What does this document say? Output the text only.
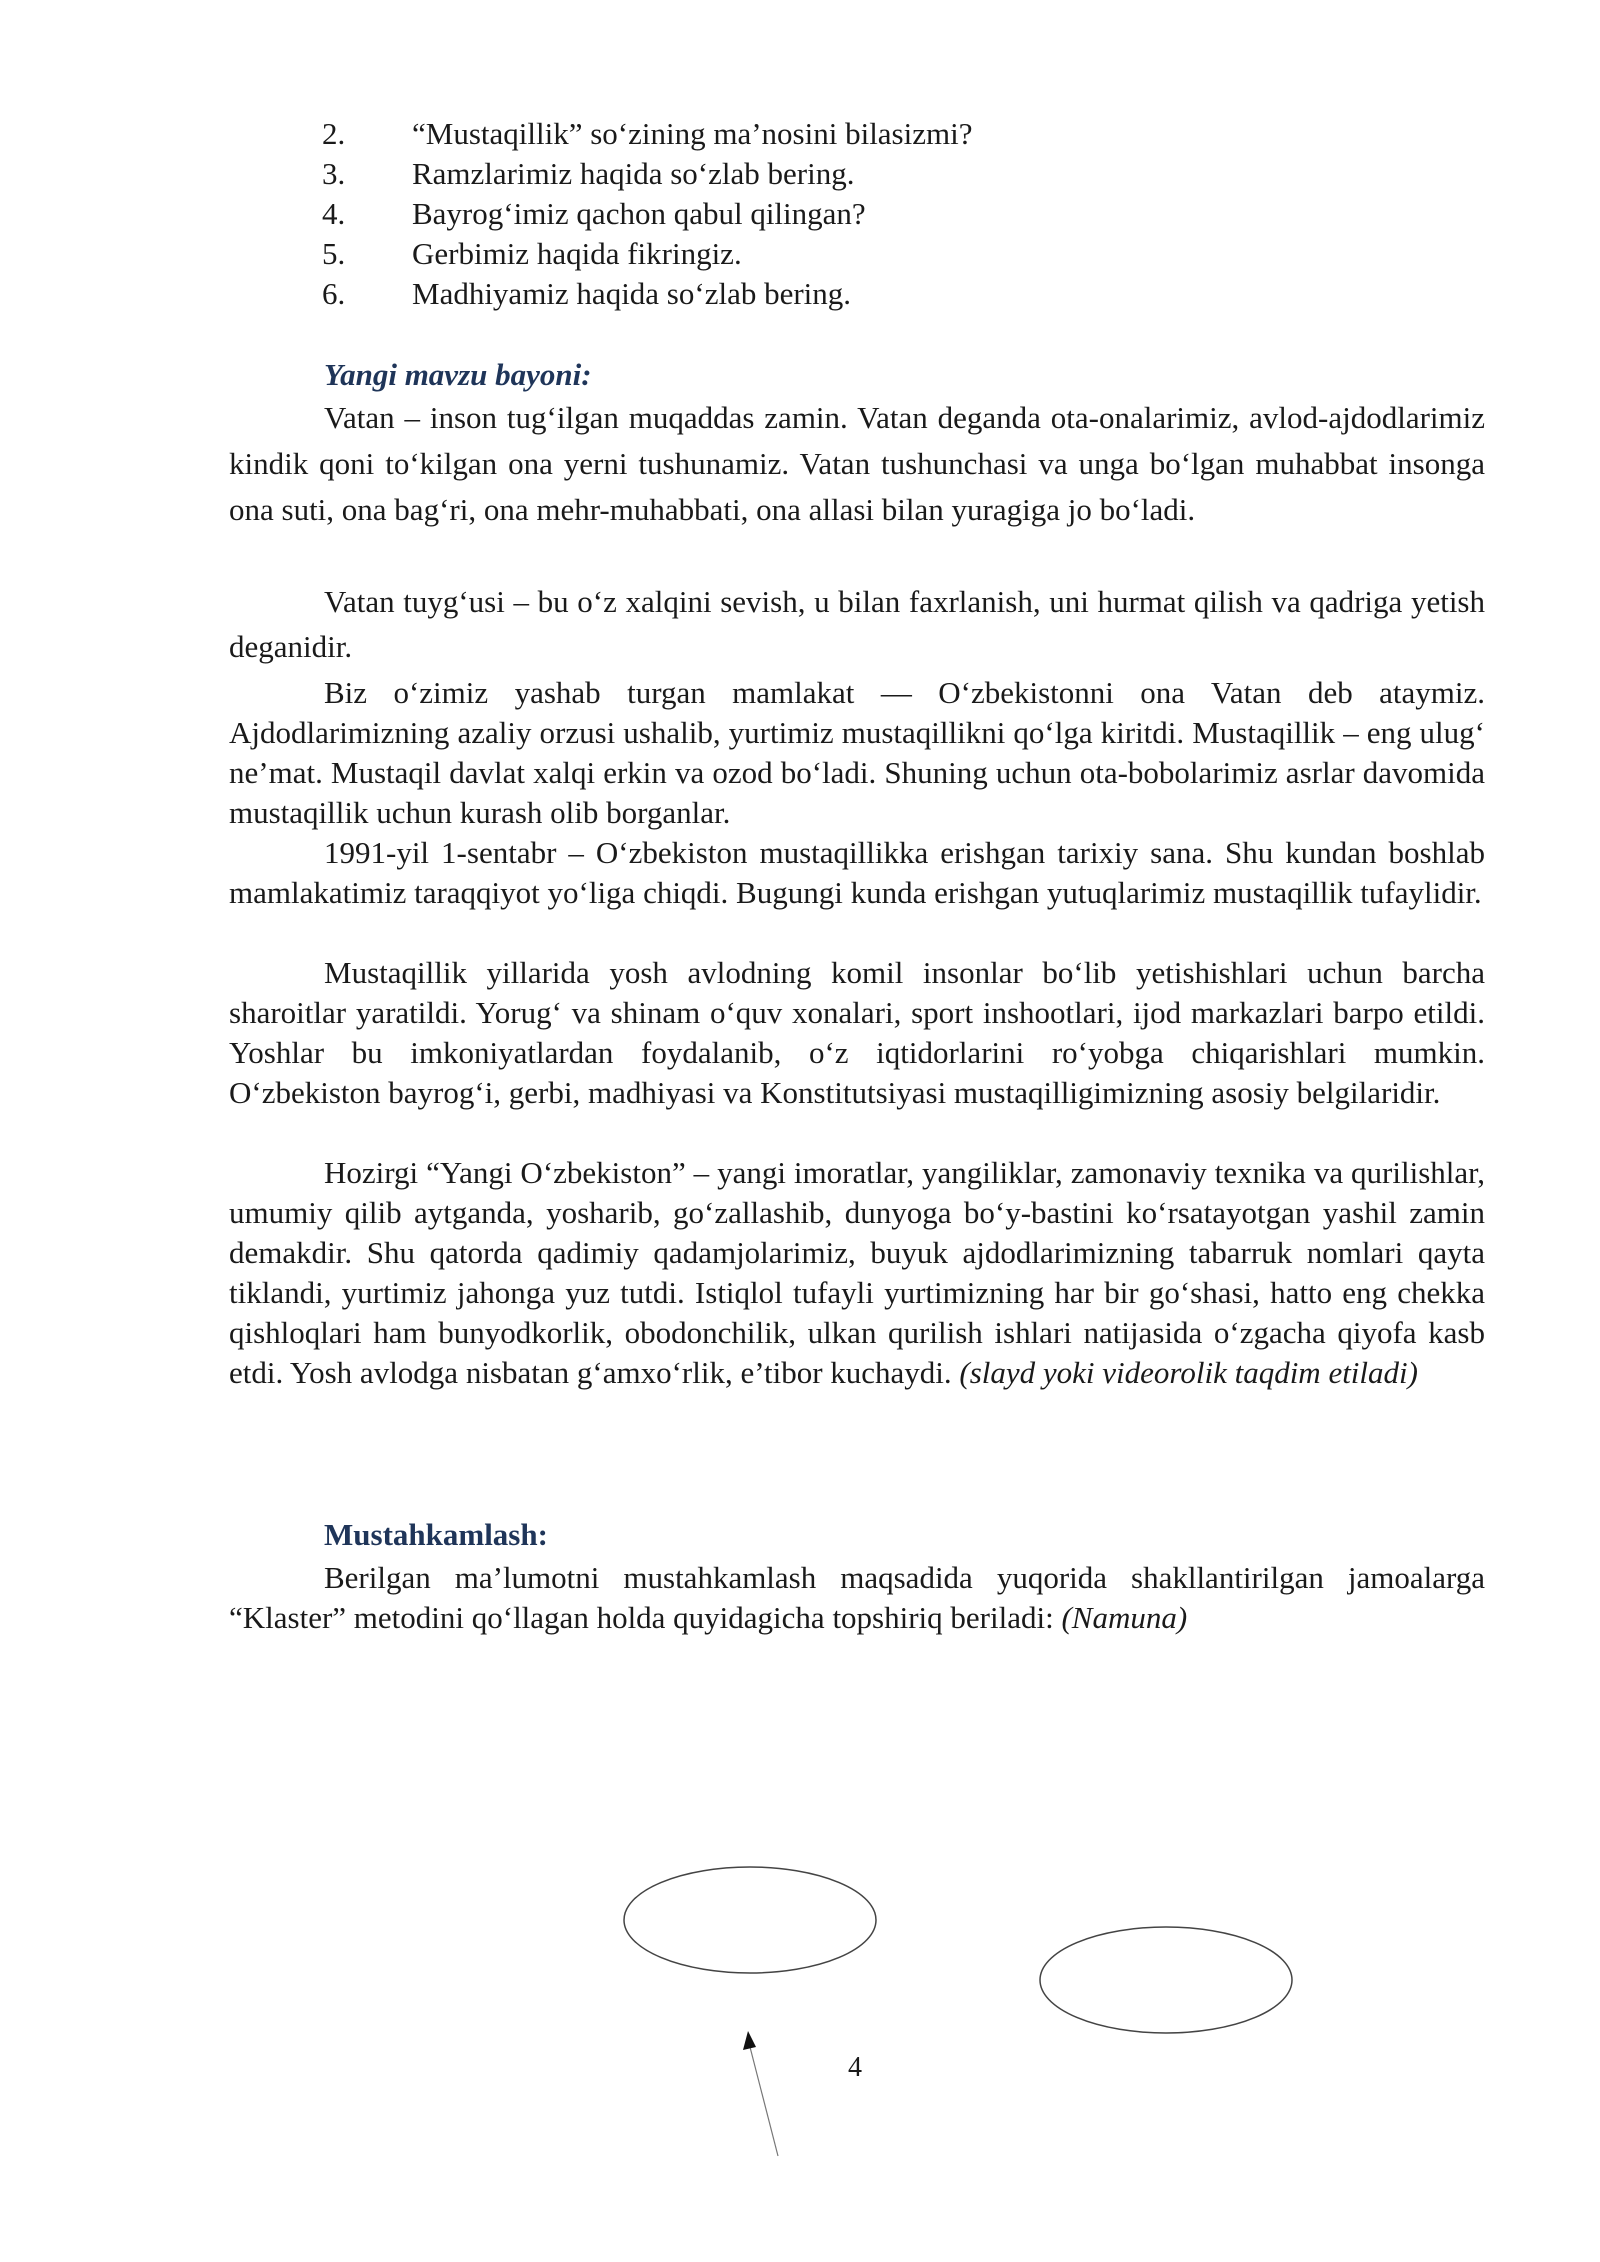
2. “Mustaqillik” so‘zining ma’nosini bilasizmi?
3. Ramzlarimiz haqida so‘zlab bering.
4. Bayrog‘imiz qachon qabul qilingan?
5. Gerbimiz haqida fikringiz.
6. Madhiyamiz haqida so‘zlab bering.
Yangi mavzu bayoni:

Vatan – inson tug‘ilgan muqaddas zamin. Vatan deganda ota-onalarimiz, avlod-ajdodlarimiz kindik qoni to‘kilgan ona yerni tushunamiz. Vatan tushunchasi va unga bo‘lgan muhabbat insonga ona suti, ona bag‘ri, ona mehr-muhabbati, ona allasi bilan yuragiga jo bo‘ladi.

Vatan tuyg‘usi – bu o‘z xalqini sevish, u bilan faxrlanish, uni hurmat qilish va qadriga yetish deganidir.

Biz o‘zimiz yashab turgan mamlakat — O‘zbekistonni ona Vatan deb ataymiz. Ajdodlarimizning azaliy orzusi ushalib, yurtimiz mustaqillikni qo‘lga kiritdi. Mustaqillik – eng ulug‘ ne’mat. Mustaqil davlat xalqi erkin va ozod bo‘ladi. Shuning uchun ota-bobolarimiz asrlar davomida mustaqillik uchun kurash olib borganlar.

1991-yil 1-sentabr – O‘zbekiston mustaqillikka erishgan tarixiy sana. Shu kundan boshlab mamlakatimiz taraqqiyot yo‘liga chiqdi. Bugungi kunda erishgan yutuqlarimiz mustaqillik tufaylidir.

Mustaqillik yillarida yosh avlodning komil insonlar bo‘lib yetishishlari uchun barcha sharoitlar yaratildi. Yorug‘ va shinam o‘quv xonalari, sport inshootlari, ijod markazlari barpo etildi. Yoshlar bu imkoniyatlardan foydalanib, o‘z iqtidorlarini ro‘yobga chiqarishlari mumkin. O‘zbekiston bayrog‘i, gerbi, madhiyasi va Konstitutsiyasi mustaqilligimizning asosiy belgilaridir.

Hozirgi “Yangi O‘zbekiston” – yangi imoratlar, yangiliklar, zamonaviy texnika va qurilishlar, umumiy qilib aytganda, yosharib, go‘zallashib, dunyoga bo‘y-bastini ko‘rsatayotgan yashil zamin demakdir. Shu qatorda qadimiy qadamjolarimiz, buyuk ajdodlarimizning tabarruk nomlari qayta tiklandi, yurtimiz jahonga yuz tutdi. Istiqlol tufayli yurtimizning har bir go‘shasi, hatto eng chekka qishloqlari ham bunyodkorlik, obodonchilik, ulkan qurilish ishlari natijasida o‘zgacha qiyofa kasb etdi. Yosh avlodga nisbatan g‘amxo‘rlik, e’tibor kuchaydi. (slayd yoki videorolik taqdim etiladi)

Mustahkamlash:

Berilgan ma’lumotni mustahkamlash maqsadida yuqorida shakllantirilgan jamoalarga “Klaster” metodini qo‘llagan holda quyidagicha topshiriq beriladi: (Namuna)

4
